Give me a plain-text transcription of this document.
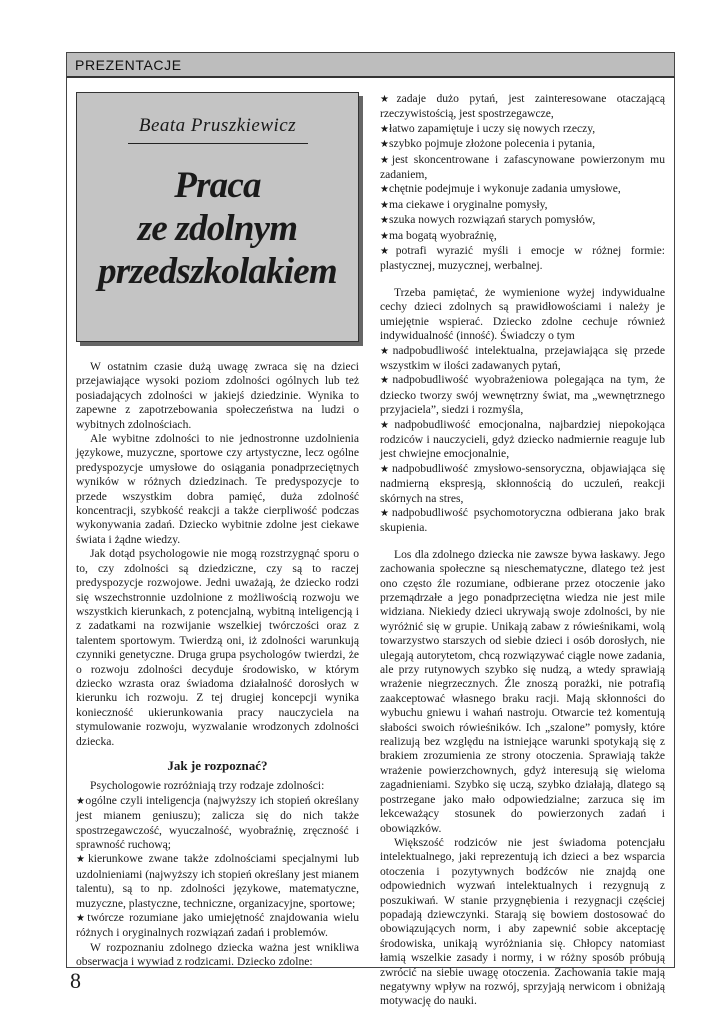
PREZENTACJE
Beata Pruszkiewicz
Praca
ze zdolnym
przedszkolakiem

W ostatnim czasie dużą uwagę zwraca się na dzieci przejawiające wysoki poziom zdolności ogólnych lub też posiadających zdolności w jakiejś dziedzinie. Wynika to zapewne z zapotrzebowania społeczeństwa na ludzi o wybitnych zdolnościach.

Ale wybitne zdolności to nie jednostronne uzdolnienia językowe, muzyczne, sportowe czy artystyczne, lecz ogólne predyspozycje umysłowe do osiągania ponadprzeciętnych wyników w różnych dziedzinach. Te predyspozycje to przede wszystkim dobra pamięć, duża zdolność koncentracji, szybkość reakcji a także cierpliwość podczas wykonywania zadań. Dziecko wybitnie zdolne jest ciekawe świata i żądne wiedzy.

Jak dotąd psychologowie nie mogą rozstrzygnąć sporu o to, czy zdolności są dziedziczne, czy są to raczej predyspozycje rozwojowe. Jedni uważają, że dziecko rodzi się wszechstronnie uzdolnione z możliwością rozwoju we wszystkich kierunkach, z potencjalną, wybitną inteligencją i z zadatkami na rozwijanie wszelkiej twórczości oraz z talentem sportowym. Twierdzą oni, iż zdolności warunkują czynniki genetyczne. Druga grupa psychologów twierdzi, że o rozwoju zdolności decyduje środowisko, w którym dziecko wzrasta oraz świadoma działalność dorosłych w kierunku ich rozwoju. Z tej drugiej koncepcji wynika konieczność ukierunkowania pracy nauczyciela na stymulowanie rozwoju, wyzwalanie wrodzonych zdolności dziecka.

Jak je rozpoznać?

Psychologowie rozróżniają trzy rodzaje zdolności:

★ogólne czyli inteligencja (najwyższy ich stopień określany jest mianem geniuszu); zalicza się do nich także spostrzegawczość, wyuczalność, wyobraźnię, zręczność i sprawność ruchową;

★kierunkowe zwane także zdolnościami specjalnymi lub uzdolnieniami (najwyższy ich stopień określany jest mianem talentu), są to np. zdolności językowe, matematyczne, muzyczne, plastyczne, techniczne, organizacyjne, sportowe;

★twórcze rozumiane jako umiejętność znajdowania wielu różnych i oryginalnych rozwiązań zadań i problemów.

W rozpoznaniu zdolnego dziecka ważna jest wnikliwa obserwacja i wywiad z rodzicami. Dziecko zdolne:

★zadaje dużo pytań, jest zainteresowane otaczającą rzeczywistością, jest spostrzegawcze,

★łatwo zapamiętuje i uczy się nowych rzeczy,

★szybko pojmuje złożone polecenia i pytania,

★jest skoncentrowane i zafascynowane powierzonym mu zadaniem,

★chętnie podejmuje i wykonuje zadania umysłowe,

★ma ciekawe i oryginalne pomysły,

★szuka nowych rozwiązań starych pomysłów,

★ma bogatą wyobraźnię,

★potrafi wyrazić myśli i emocje w różnej formie: plastycznej, muzycznej, werbalnej.

Trzeba pamiętać, że wymienione wyżej indywidualne cechy dzieci zdolnych są prawidłowościami i należy je umiejętnie wspierać. Dziecko zdolne cechuje również indywidualność (inność). Świadczy o tym

★nadpobudliwość intelektualna, przejawiająca się przede wszystkim w ilości zadawanych pytań,

★nadpobudliwość wyobrażeniowa polegająca na tym, że dziecko tworzy swój wewnętrzny świat, ma „wewnętrznego przyjaciela”, siedzi i rozmyśla,

★nadpobudliwość emocjonalna, najbardziej niepokojąca rodziców i nauczycieli, gdyż dziecko nadmiernie reaguje lub jest chwiejne emocjonalnie,

★nadpobudliwość zmysłowo-sensoryczna, objawiająca się nadmierną ekspresją, skłonnością do uczuleń, reakcji skórnych na stres,

★nadpobudliwość psychomotoryczna odbierana jako brak skupienia.

Los dla zdolnego dziecka nie zawsze bywa łaskawy. Jego zachowania społeczne są nieschematyczne, dlatego też jest ono często źle rozumiane, odbierane przez otoczenie jako przemądrzałe a jego ponadprzeciętna wiedza nie jest mile widziana. Niekiedy dzieci ukrywają swoje zdolności, by nie wyróżnić się w grupie. Unikają zabaw z rówieśnikami, wolą towarzystwo starszych od siebie dzieci i osób dorosłych, nie ulegają autorytetom, chcą rozwiązywać ciągle nowe zadania, ale przy rutynowych szybko się nudzą, a wtedy sprawiają wrażenie niegrzecznych. Źle znoszą porażki, nie potrafią zaakceptować własnego braku racji. Mają skłonności do wybuchu gniewu i wahań nastroju. Otwarcie też komentują słabości swoich rówieśników. Ich „szalone” pomysły, które realizują bez względu na istniejące warunki spotykają się z brakiem zrozumienia ze strony otoczenia. Sprawiają także wrażenie powierzchownych, gdyż interesują się wieloma zagadnieniami. Szybko się uczą, szybko działają, dlatego są postrzegane jako mało odpowiedzialne; zarzuca się im lekceważący stosunek do powierzonych zadań i obowiązków.

Większość rodziców nie jest świadoma potencjału intelektualnego, jaki reprezentują ich dzieci a bez wsparcia otoczenia i pozytywnych bodźców nie znajdą one odpowiednich wyzwań intelektualnych i rezygnują z poszukiwań. W stanie przygnębienia i rezygnacji częściej popadają dziewczynki. Starają się bowiem dostosować do obowiązujących norm, i aby zapewnić sobie akceptację środowiska, unikają wyróżniania się. Chłopcy natomiast łamią wszelkie zasady i normy, i w różny sposób próbują zwrócić na siebie uwagę otoczenia. Zachowania takie mają negatywny wpływ na rozwój, sprzyjają nerwicom i obniżają motywację do nauki.

8
